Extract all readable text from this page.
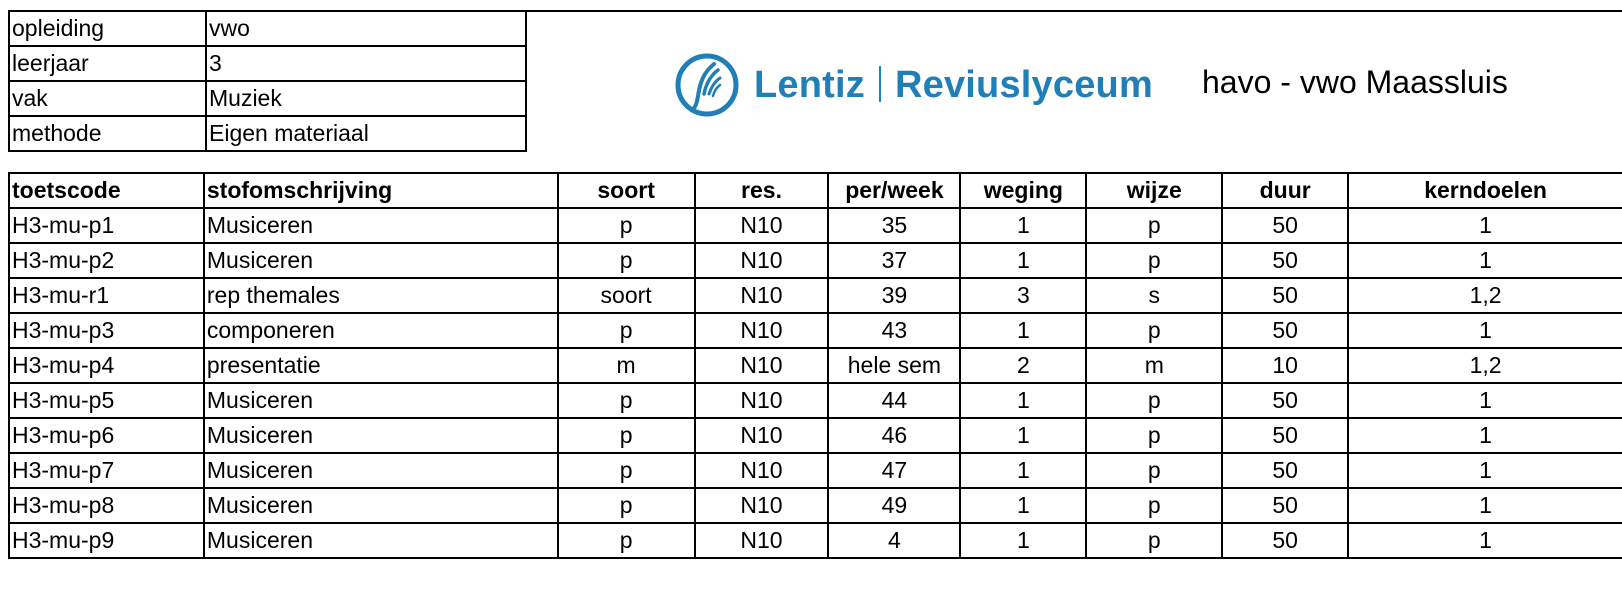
opleiding	vwo
leerjaar	3
vak	Muziek
methode	Eigen materiaal
Lentiz Reviuslyceum havo - vwo Maassluis
toetscode	stofomschrijving	soort	res.	per/week	weging	wijze	duur	kerndoelen
H3-mu-p1	Musiceren	p	N10	35	1	p	50	1
H3-mu-p2	Musiceren	p	N10	37	1	p	50	1
H3-mu-r1	rep themales	soort	N10	39	3	s	50	1,2
H3-mu-p3	componeren	p	N10	43	1	p	50	1
H3-mu-p4	presentatie	m	N10	hele sem	2	m	10	1,2
H3-mu-p5	Musiceren	p	N10	44	1	p	50	1
H3-mu-p6	Musiceren	p	N10	46	1	p	50	1
H3-mu-p7	Musiceren	p	N10	47	1	p	50	1
H3-mu-p8	Musiceren	p	N10	49	1	p	50	1
H3-mu-p9	Musiceren	p	N10	4	1	p	50	1
